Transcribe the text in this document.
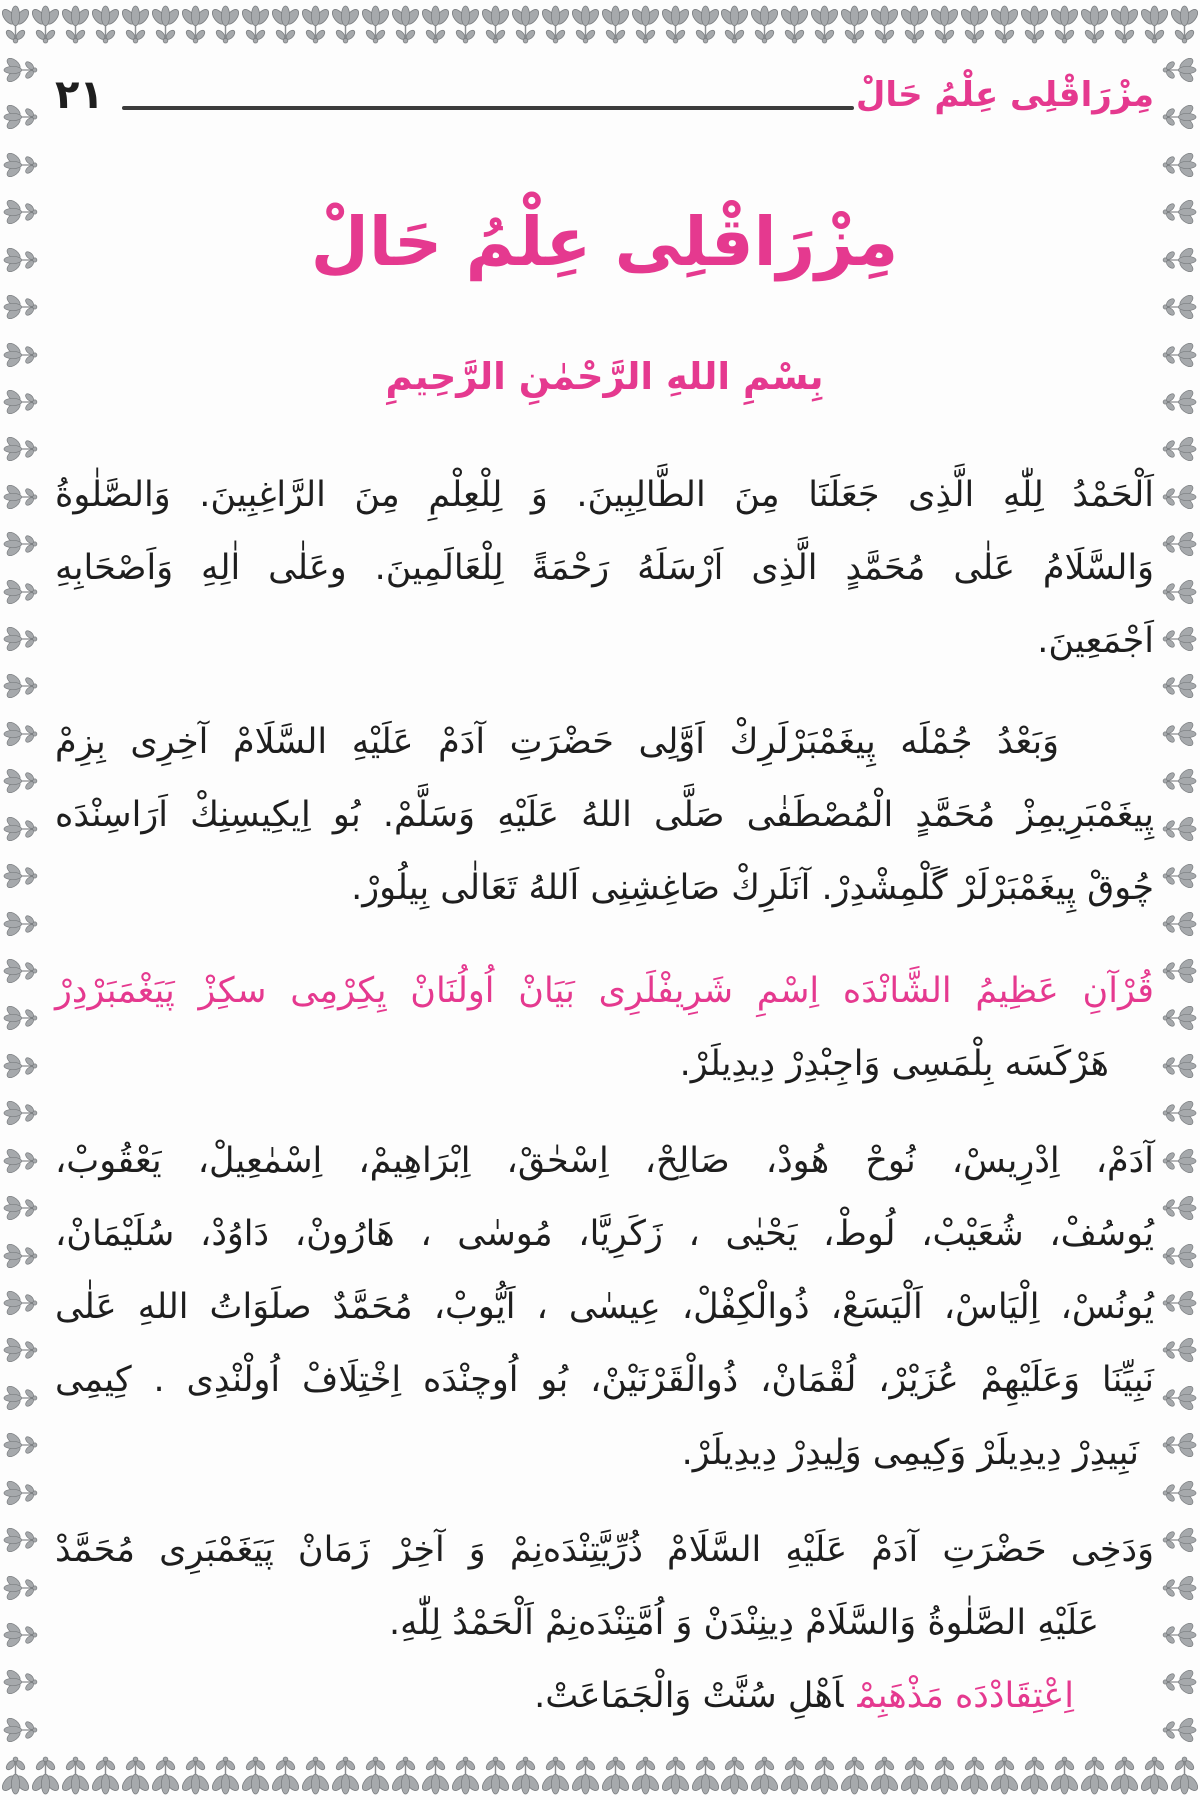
٢١	مِزْرَاقْلِى عِلْمُ حَالْ
مِزْرَاقْلِى عِلْمُ حَالْ
بِسْمِ اللهِ الرَّحْمٰنِ الرَّحِيمِ
اَلْحَمْدُ لِلّٰهِ الَّذِى جَعَلَنَا مِنَ الطَّالِبِينَ. وَ لِلْعِلْمِ مِنَ الرَّاغِبِينَ. وَالصَّلٰوةُ
وَالسَّلَامُ عَلٰى مُحَمَّدٍ الَّذِى اَرْسَلَهُ رَحْمَةً لِلْعَالَمِينَ. وعَلٰى اٰلِهِ وَاَصْحَابِهِ
اَجْمَعِينَ.
وَبَعْدُ جُمْلَه پِيغَمْبَرْلَرِكْ اَوَّلِى حَضْرَتِ آدَمْ عَلَيْهِ السَّلَامْ آخِرِى بِزِمْ
پِيغَمْبَرِيمِزْ مُحَمَّدٍ الْمُصْطَفٰى صَلَّى اللهُ عَلَيْهِ وَسَلَّمْ. بُو اِيكِيسِنِكْ اَرَاسِنْدَه
چُوقْ پِيغَمْبَرْلَرْ گَلْمِشْدِرْ. آنَلَرِكْ صَاغِشِنِى اَللهُ تَعَالٰى بِيلُورْ.
قُرْآنِ عَظِيمُ الشَّانْدَه اِسْمِ شَرِيفْلَرِى بَيَانْ اُولُنَانْ يِكِرْمِى سكِزْ پَيَغْمَبَرْدِرْ
هَرْكَسَه بِلْمَسِى وَاجِبْدِرْ دِيدِيلَرْ.
آدَمْ، اِدْرِيسْ، نُوحْ هُودْ، صَالِحْ، اِسْحٰقْ، اِبْرَاهِيمْ، اِسْمٰعِيلْ، يَعْقُوبْ،
يُوسُفْ، شُعَيْبْ، لُوطْ، يَحْيٰى ، زَكَرِيَّا، مُوسٰى ، هَارُونْ، دَاوُدْ، سُلَيْمَانْ،
يُونُسْ، اِلْيَاسْ، اَلْيَسَعْ، ذُوالْكِفْلْ، عِيسٰى ، اَيُّوبْ، مُحَمَّدٌ صلَوَاتُ اللهِ عَلٰى
نَبِيِّنَا وَعَلَيْهِمْ عُزَيْرْ، لُقْمَانْ، ذُوالْقَرْنَيْنْ، بُو اُوچنْدَه اِخْتِلَافْ اُولْنْدِى . كِيمِى
نَبِيدِرْ دِيدِيلَرْ وَكِيمِى وَلِيدِرْ دِيدِيلَرْ.
وَدَخِى حَضْرَتِ آدَمْ عَلَيْهِ السَّلَامْ ذُرِّيَّتِنْدَه‌نِمْ وَ آخِرْ زَمَانْ پَيَغَمْبَرِى مُحَمَّدْ
عَلَيْهِ الصَّلٰوةُ وَالسَّلَامْ دِينِنْدَنْ وَ اُمَّتِنْدَه‌نِمْ اَلْحَمْدُ لِلّٰهِ.
اِعْتِقَادْدَه مَذْهَبِمْاَهْلِ سُنَّتْ وَالْجَمَاعَتْ.
